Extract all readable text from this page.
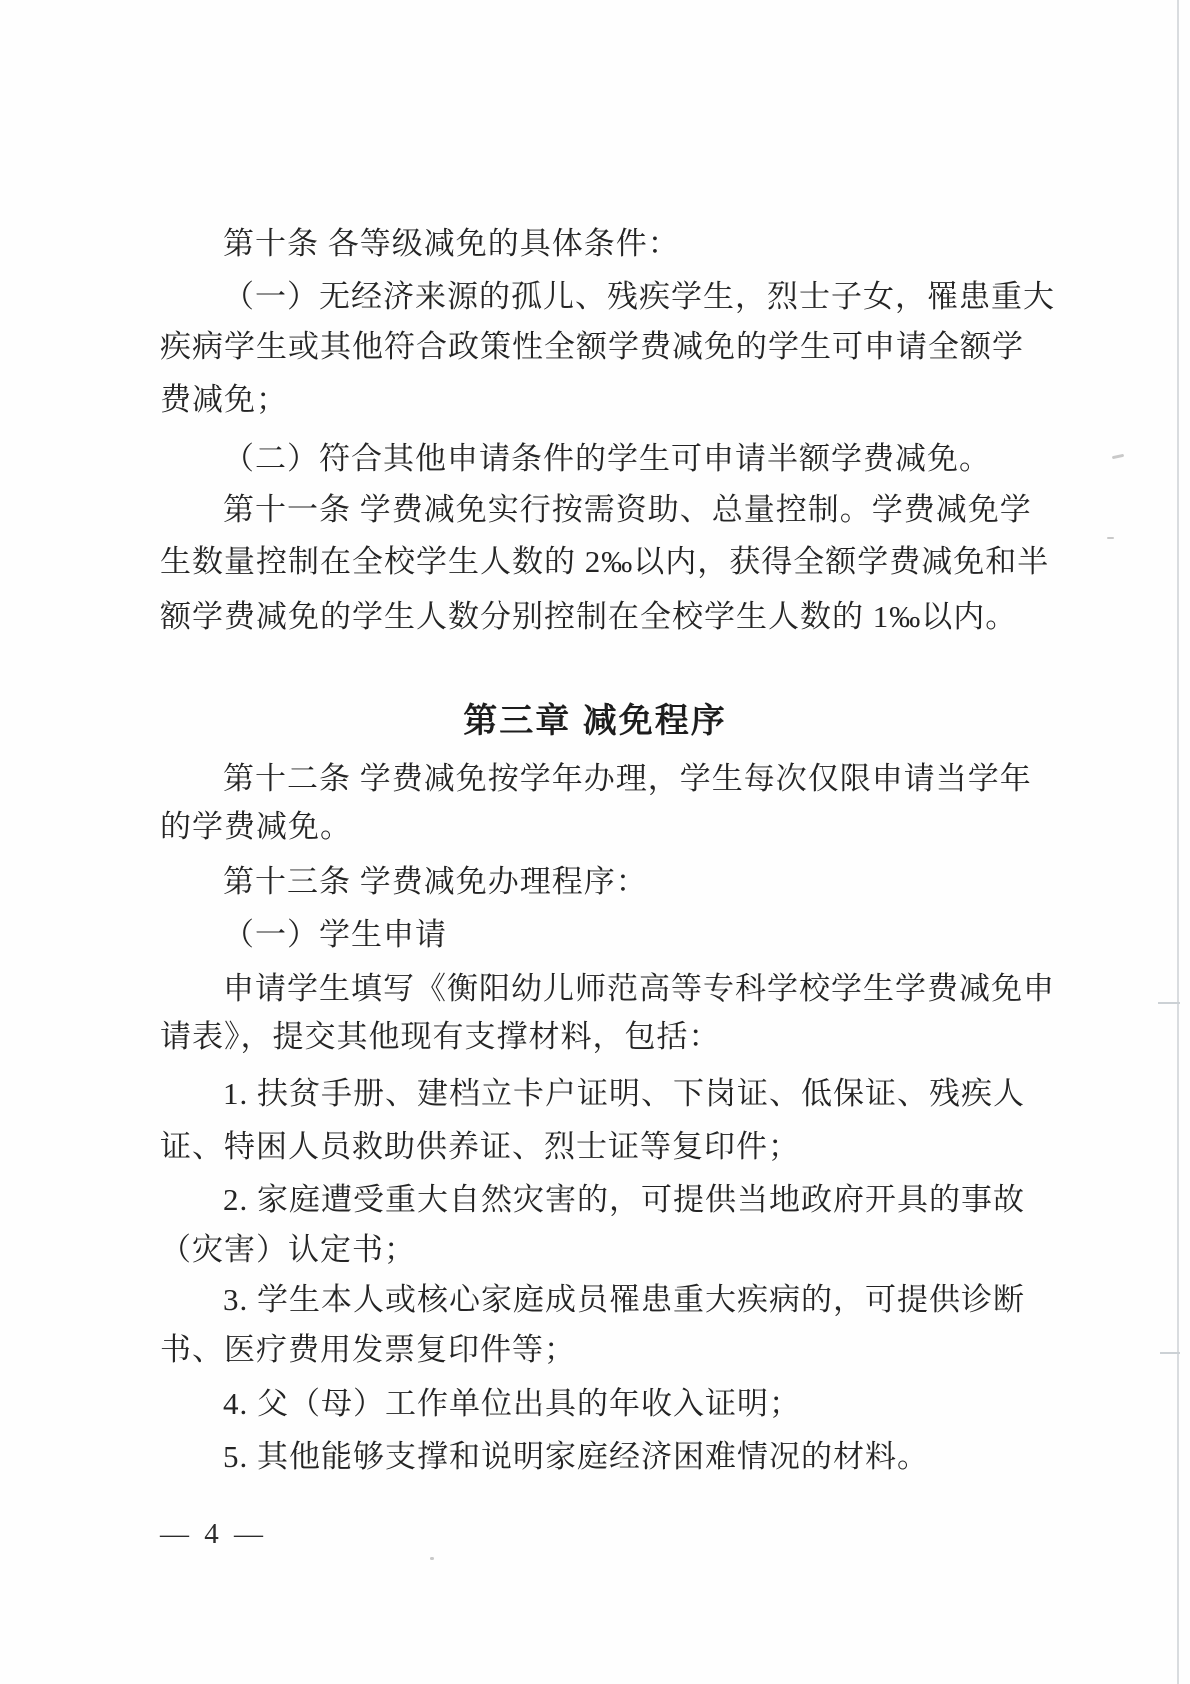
第十条 各等级减免的具体条件：
（一）无经济来源的孤儿、残疾学生，烈士子女，罹患重大
疾病学生或其他符合政策性全额学费减免的学生可申请全额学
费减免；
（二）符合其他申请条件的学生可申请半额学费减免。
第十一条 学费减免实行按需资助、总量控制。学费减免学
生数量控制在全校学生人数的 2‰以内，获得全额学费减免和半
额学费减免的学生人数分别控制在全校学生人数的 1‰以内。
第三章 减免程序
第十二条 学费减免按学年办理，学生每次仅限申请当学年
的学费减免。
第十三条 学费减免办理程序：
（一）学生申请
申请学生填写《衡阳幼儿师范高等专科学校学生学费减免申
请表》，提交其他现有支撑材料，包括：
1. 扶贫手册、建档立卡户证明、下岗证、低保证、残疾人
证、特困人员救助供养证、烈士证等复印件；
2. 家庭遭受重大自然灾害的，可提供当地政府开具的事故
（灾害）认定书；
3. 学生本人或核心家庭成员罹患重大疾病的，可提供诊断
书、医疗费用发票复印件等；
4. 父（母）工作单位出具的年收入证明；
5. 其他能够支撑和说明家庭经济困难情况的材料。
— 4 —
